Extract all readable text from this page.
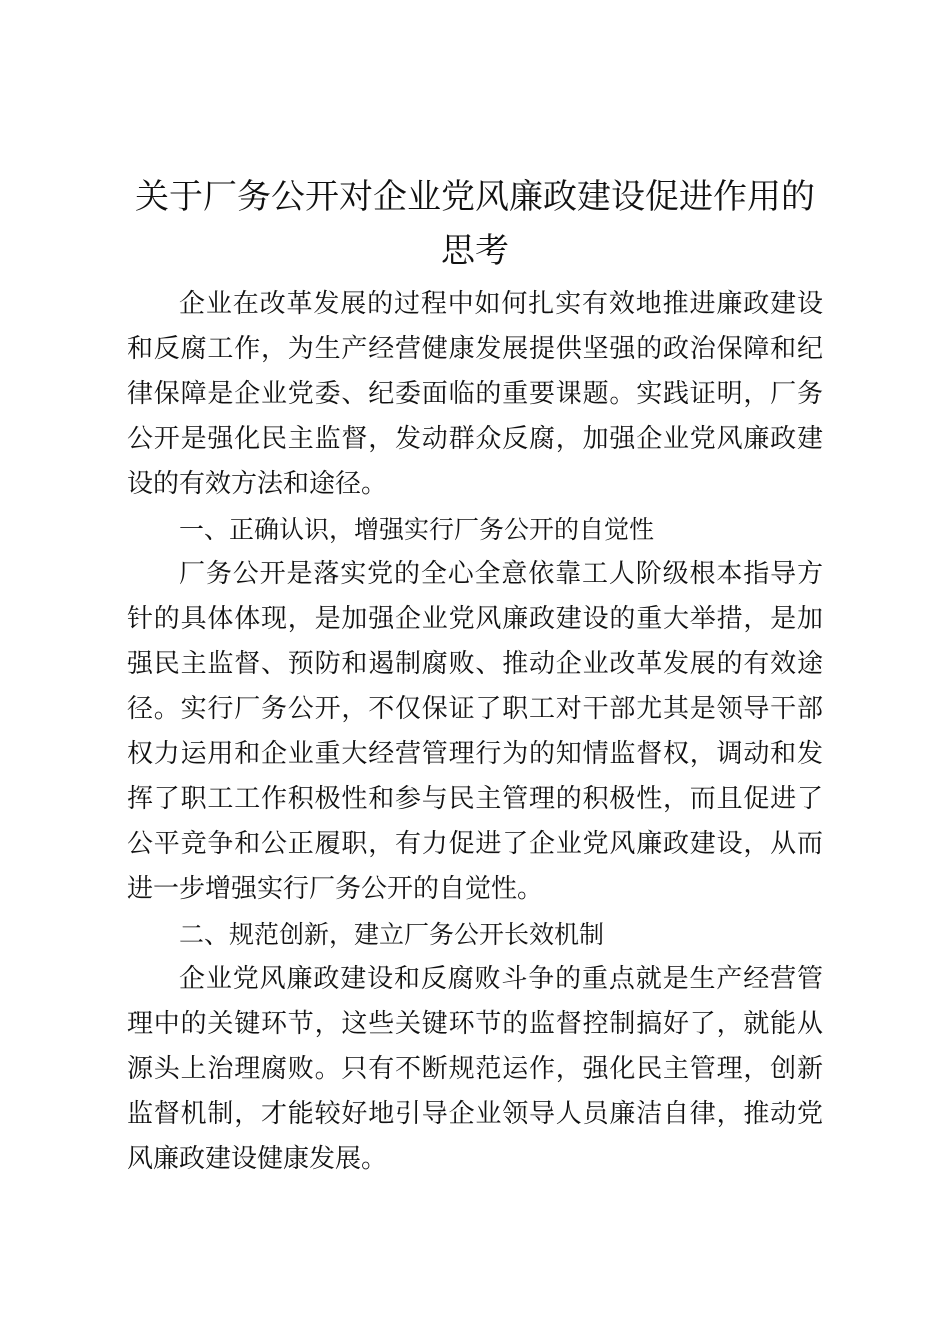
关于厂务公开对企业党风廉政建设促进作用的思考

企业在改革发展的过程中如何扎实有效地推进廉政建设和反腐工作，为生产经营健康发展提供坚强的政治保障和纪律保障是企业党委、纪委面临的重要课题。实践证明，厂务公开是强化民主监督，发动群众反腐，加强企业党风廉政建设的有效方法和途径。

一、正确认识，增强实行厂务公开的自觉性

厂务公开是落实党的全心全意依靠工人阶级根本指导方针的具体体现，是加强企业党风廉政建设的重大举措，是加强民主监督、预防和遏制腐败、推动企业改革发展的有效途径。实行厂务公开，不仅保证了职工对干部尤其是领导干部权力运用和企业重大经营管理行为的知情监督权，调动和发挥了职工工作积极性和参与民主管理的积极性，而且促进了公平竞争和公正履职，有力促进了企业党风廉政建设，从而进一步增强实行厂务公开的自觉性。

二、规范创新，建立厂务公开长效机制

企业党风廉政建设和反腐败斗争的重点就是生产经营管理中的关键环节，这些关键环节的监督控制搞好了，就能从源头上治理腐败。只有不断规范运作，强化民主管理，创新监督机制，才能较好地引导企业领导人员廉洁自律，推动党风廉政建设健康发展。
